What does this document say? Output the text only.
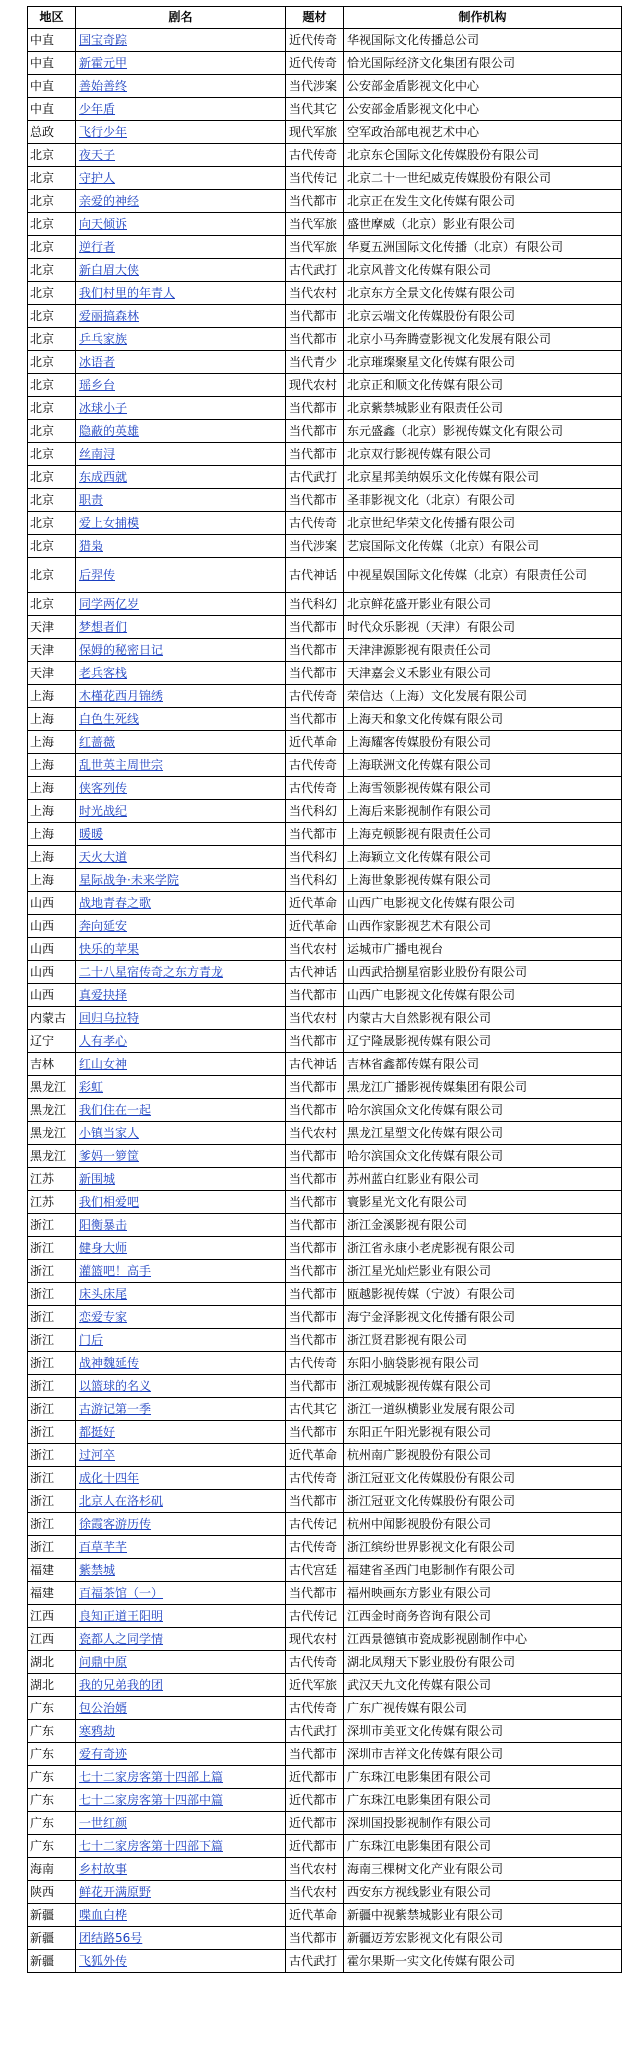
地区	剧名	题材	制作机构
中直	国宝奇踪	近代传奇	华视国际文化传播总公司
中直	新霍元甲	近代传奇	恰光国际经济文化集团有限公司
中直	善始善终	当代涉案	公安部金盾影视文化中心
中直	少年盾	当代其它	公安部金盾影视文化中心
总政	飞行少年	现代军旅	空军政治部电视艺术中心
北京	夜天子	古代传奇	北京东仑国际文化传媒股份有限公司
北京	守护人	当代传记	北京二十一世纪威克传媒股份有限公司
北京	亲爱的神经	当代都市	北京正在发生文化传媒有限公司
北京	向天倾诉	当代军旅	盛世摩威（北京）影业有限公司
北京	逆行者	当代军旅	华夏五洲国际文化传播（北京）有限公司
北京	新白眉大侠	古代武打	北京风普文化传媒有限公司
北京	我们村里的年青人	当代农村	北京东方全景文化传媒有限公司
北京	爱丽搞森林	当代都市	北京云端文化传媒股份有限公司
北京	乒乓家族	当代都市	北京小马奔腾壹影视文化发展有限公司
北京	冰语者	当代青少	北京璀璨聚星文化传媒有限公司
北京	瑶乡台	现代农村	北京正和顺文化传媒有限公司
北京	冰球小子	当代都市	北京紫禁城影业有限责任公司
北京	隐蔽的英雄	当代都市	东元盛鑫（北京）影视传媒文化有限公司
北京	丝南浔	当代都市	北京双行影视传媒有限公司
北京	东成西就	古代武打	北京星邦美纳娱乐文化传媒有限公司
北京	职责	当代都市	圣菲影视文化（北京）有限公司
北京	爱上女捕模	古代传奇	北京世纪华荣文化传播有限公司
北京	猎枭	当代涉案	艺宸国际文化传媒（北京）有限公司
北京	后羿传	古代神话	中视星娱国际文化传媒（北京）有限责任公司
北京	同学两亿岁	当代科幻	北京鲜花盛开影业有限公司
天津	梦想者们	当代都市	时代众乐影视（天津）有限公司
天津	保姆的秘密日记	当代都市	天津津源影视有限责任公司
天津	老兵客栈	当代都市	天津嘉会义禾影业有限公司
上海	木槿花西月锦绣	古代传奇	荣信达（上海）文化发展有限公司
上海	白色生死线	当代都市	上海天和象文化传媒有限公司
上海	红蔷薇	近代革命	上海耀客传媒股份有限公司
上海	乱世英主周世宗	古代传奇	上海联洲文化传媒有限公司
上海	侠客列传	古代传奇	上海雪领影视传媒有限公司
上海	时光战纪	当代科幻	上海后来影视制作有限公司
上海	暖暖	当代都市	上海克顿影视有限责任公司
上海	天火大道	当代科幻	上海颖立文化传媒有限公司
上海	星际战争·未来学院	当代科幻	上海世象影视传媒有限公司
山西	战地青春之歌	近代革命	山西广电影视文化传媒有限公司
山西	奔向延安	近代革命	山西作家影视艺术有限公司
山西	快乐的苹果	当代农村	运城市广播电视台
山西	二十八星宿传奇之东方青龙	古代神话	山西武拾捌星宿影业股份有限公司
山西	真爱抉择	当代都市	山西广电影视文化传媒有限公司
内蒙古	回归乌拉特	当代农村	内蒙古大自然影视有限公司
辽宁	人有孝心	当代都市	辽宁隆晟影视传媒有限公司
吉林	红山女神	古代神话	吉林省鑫都传媒有限公司
黑龙江	彩虹	当代都市	黑龙江广播影视传媒集团有限公司
黑龙江	我们住在一起	当代都市	哈尔滨国众文化传媒有限公司
黑龙江	小镇当家人	当代农村	黑龙江星塑文化传媒有限公司
黑龙江	爹妈一箩筐	当代都市	哈尔滨国众文化传媒有限公司
江苏	新围城	当代都市	苏州蓝白红影业有限公司
江苏	我们相爱吧	当代都市	寰影星光文化有限公司
浙江	阳衡暴击	当代都市	浙江金溪影视有限公司
浙江	健身大师	当代都市	浙江省永康小老虎影视有限公司
浙江	灌篮吧！高手	当代都市	浙江星光灿烂影业有限公司
浙江	床头床尾	当代都市	瓯越影视传媒（宁波）有限公司
浙江	恋爱专家	当代都市	海宁金泽影视文化传播有限公司
浙江	门后	当代都市	浙江贤君影视有限公司
浙江	战神魏延传	古代传奇	东阳小脑袋影视有限公司
浙江	以篮球的名义	当代都市	浙江观城影视传媒有限公司
浙江	古游记第一季	古代其它	浙江一道纵横影业发展有限公司
浙江	都挺好	当代都市	东阳正午阳光影视有限公司
浙江	过河卒	近代革命	杭州南广影视股份有限公司
浙江	成化十四年	古代传奇	浙江冠亚文化传媒股份有限公司
浙江	北京人在洛杉矶	当代都市	浙江冠亚文化传媒股份有限公司
浙江	徐霞客游历传	古代传记	杭州中闻影视股份有限公司
浙江	百草芊芊	古代传奇	浙江缤纷世界影视文化有限公司
福建	紫禁城	古代宫廷	福建省圣西门电影制作有限公司
福建	百福茶馆（一）	当代都市	福州映画东方影业有限公司
江西	良知正道王阳明	古代传记	江西金时商务咨询有限公司
江西	瓷都人之同学情	现代农村	江西景德镇市瓷成影视剧制作中心
湖北	问鼎中原	古代传奇	湖北凤翔天下影业股份有限公司
湖北	我的兄弟我的团	近代军旅	武汉天九文化传媒有限公司
广东	包公治婿	古代传奇	广东广视传媒有限公司
广东	寒鸦劫	古代武打	深圳市美亚文化传媒有限公司
广东	爱有奇迹	当代都市	深圳市吉祥文化传媒有限公司
广东	七十二家房客第十四部上篇	近代都市	广东珠江电影集团有限公司
广东	七十二家房客第十四部中篇	近代都市	广东珠江电影集团有限公司
广东	一世红颜	近代都市	深圳国投影视制作有限公司
广东	七十二家房客第十四部下篇	近代都市	广东珠江电影集团有限公司
海南	乡村故事	当代农村	海南三棵树文化产业有限公司
陕西	鲜花开满原野	当代农村	西安东方视线影业有限公司
新疆	喋血白桦	近代革命	新疆中视紫禁城影业有限公司
新疆	团结路56号	当代都市	新疆迈芳宏影视文化有限公司
新疆	飞狐外传	古代武打	霍尔果斯一实文化传媒有限公司
